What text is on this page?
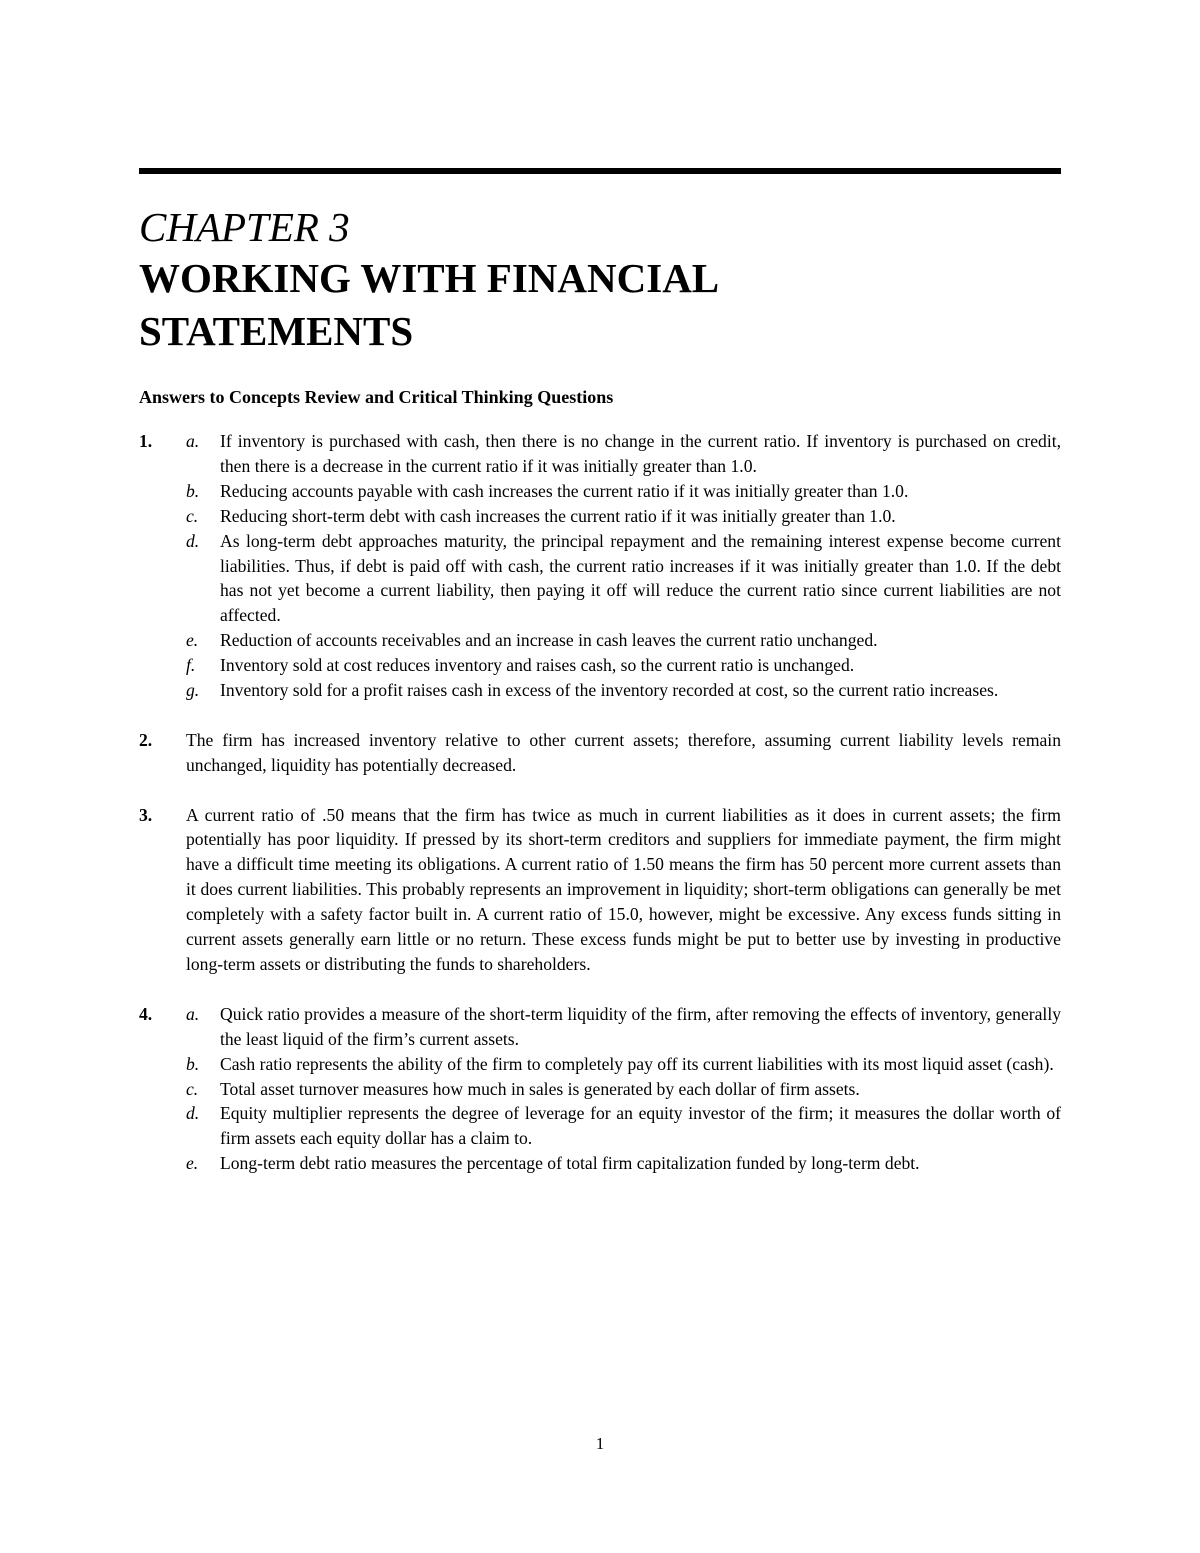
CHAPTER 3
WORKING WITH FINANCIAL
STATEMENTS
Answers to Concepts Review and Critical Thinking Questions
1.	a.	If inventory is purchased with cash, then there is no change in the current ratio. If inventory is purchased on credit, then there is a decrease in the current ratio if it was initially greater than 1.0.
b.	Reducing accounts payable with cash increases the current ratio if it was initially greater than 1.0.
c.	Reducing short-term debt with cash increases the current ratio if it was initially greater than 1.0.
d.	As long-term debt approaches maturity, the principal repayment and the remaining interest expense become current liabilities. Thus, if debt is paid off with cash, the current ratio increases if it was initially greater than 1.0. If the debt has not yet become a current liability, then paying it off will reduce the current ratio since current liabilities are not affected.
e.	Reduction of accounts receivables and an increase in cash leaves the current ratio unchanged.
f.	Inventory sold at cost reduces inventory and raises cash, so the current ratio is unchanged.
g.	Inventory sold for a profit raises cash in excess of the inventory recorded at cost, so the current ratio increases.
2.	The firm has increased inventory relative to other current assets; therefore, assuming current liability levels remain unchanged, liquidity has potentially decreased.
3.	A current ratio of .50 means that the firm has twice as much in current liabilities as it does in current assets; the firm potentially has poor liquidity. If pressed by its short-term creditors and suppliers for immediate payment, the firm might have a difficult time meeting its obligations. A current ratio of 1.50 means the firm has 50 percent more current assets than it does current liabilities. This probably represents an improvement in liquidity; short-term obligations can generally be met completely with a safety factor built in. A current ratio of 15.0, however, might be excessive. Any excess funds sitting in current assets generally earn little or no return. These excess funds might be put to better use by investing in productive long-term assets or distributing the funds to shareholders.
4.	a.	Quick ratio provides a measure of the short-term liquidity of the firm, after removing the effects of inventory, generally the least liquid of the firm’s current assets.
b.	Cash ratio represents the ability of the firm to completely pay off its current liabilities with its most liquid asset (cash).
c.	Total asset turnover measures how much in sales is generated by each dollar of firm assets.
d.	Equity multiplier represents the degree of leverage for an equity investor of the firm; it measures the dollar worth of firm assets each equity dollar has a claim to.
e.	Long-term debt ratio measures the percentage of total firm capitalization funded by long-term debt.
1
